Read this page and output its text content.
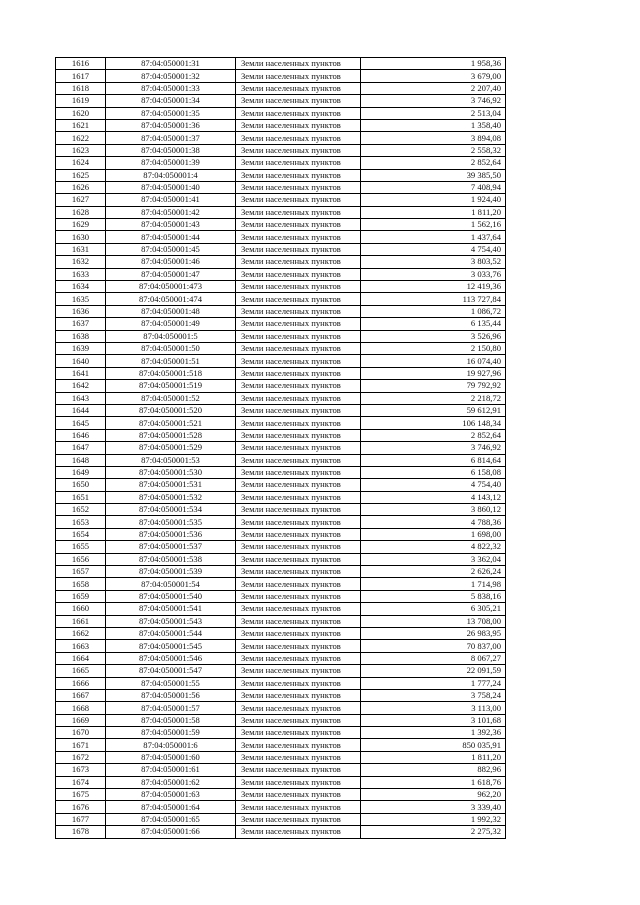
1616	87:04:050001:31	Земли населенных пунктов	1 958,36
1617	87:04:050001:32	Земли населенных пунктов	3 679,00
1618	87:04:050001:33	Земли населенных пунктов	2 207,40
1619	87:04:050001:34	Земли населенных пунктов	3 746,92
1620	87:04:050001:35	Земли населенных пунктов	2 513,04
1621	87:04:050001:36	Земли населенных пунктов	1 358,40
1622	87:04:050001:37	Земли населенных пунктов	3 894,08
1623	87:04:050001:38	Земли населенных пунктов	2 558,32
1624	87:04:050001:39	Земли населенных пунктов	2 852,64
1625	87:04:050001:4	Земли населенных пунктов	39 385,50
1626	87:04:050001:40	Земли населенных пунктов	7 408,94
1627	87:04:050001:41	Земли населенных пунктов	1 924,40
1628	87:04:050001:42	Земли населенных пунктов	1 811,20
1629	87:04:050001:43	Земли населенных пунктов	1 562,16
1630	87:04:050001:44	Земли населенных пунктов	1 437,64
1631	87:04:050001:45	Земли населенных пунктов	4 754,40
1632	87:04:050001:46	Земли населенных пунктов	3 803,52
1633	87:04:050001:47	Земли населенных пунктов	3 033,76
1634	87:04:050001:473	Земли населенных пунктов	12 419,36
1635	87:04:050001:474	Земли населенных пунктов	113 727,84
1636	87:04:050001:48	Земли населенных пунктов	1 086,72
1637	87:04:050001:49	Земли населенных пунктов	6 135,44
1638	87:04:050001:5	Земли населенных пунктов	3 526,96
1639	87:04:050001:50	Земли населенных пунктов	2 150,80
1640	87:04:050001:51	Земли населенных пунктов	16 074,40
1641	87:04:050001:518	Земли населенных пунктов	19 927,96
1642	87:04:050001:519	Земли населенных пунктов	79 792,92
1643	87:04:050001:52	Земли населенных пунктов	2 218,72
1644	87:04:050001:520	Земли населенных пунктов	59 612,91
1645	87:04:050001:521	Земли населенных пунктов	106 148,34
1646	87:04:050001:528	Земли населенных пунктов	2 852,64
1647	87:04:050001:529	Земли населенных пунктов	3 746,92
1648	87:04:050001:53	Земли населенных пунктов	6 814,64
1649	87:04:050001:530	Земли населенных пунктов	6 158,08
1650	87:04:050001:531	Земли населенных пунктов	4 754,40
1651	87:04:050001:532	Земли населенных пунктов	4 143,12
1652	87:04:050001:534	Земли населенных пунктов	3 860,12
1653	87:04:050001:535	Земли населенных пунктов	4 788,36
1654	87:04:050001:536	Земли населенных пунктов	1 698,00
1655	87:04:050001:537	Земли населенных пунктов	4 822,32
1656	87:04:050001:538	Земли населенных пунктов	3 362,04
1657	87:04:050001:539	Земли населенных пунктов	2 626,24
1658	87:04:050001:54	Земли населенных пунктов	1 714,98
1659	87:04:050001:540	Земли населенных пунктов	5 838,16
1660	87:04:050001:541	Земли населенных пунктов	6 305,21
1661	87:04:050001:543	Земли населенных пунктов	13 708,00
1662	87:04:050001:544	Земли населенных пунктов	26 983,95
1663	87:04:050001:545	Земли населенных пунктов	70 837,00
1664	87:04:050001:546	Земли населенных пунктов	8 067,27
1665	87:04:050001:547	Земли населенных пунктов	22 091,59
1666	87:04:050001:55	Земли населенных пунктов	1 777,24
1667	87:04:050001:56	Земли населенных пунктов	3 758,24
1668	87:04:050001:57	Земли населенных пунктов	3 113,00
1669	87:04:050001:58	Земли населенных пунктов	3 101,68
1670	87:04:050001:59	Земли населенных пунктов	1 392,36
1671	87:04:050001:6	Земли населенных пунктов	850 035,91
1672	87:04:050001:60	Земли населенных пунктов	1 811,20
1673	87:04:050001:61	Земли населенных пунктов	882,96
1674	87:04:050001:62	Земли населенных пунктов	1 618,76
1675	87:04:050001:63	Земли населенных пунктов	962,20
1676	87:04:050001:64	Земли населенных пунктов	3 339,40
1677	87:04:050001:65	Земли населенных пунктов	1 992,32
1678	87:04:050001:66	Земли населенных пунктов	2 275,32
